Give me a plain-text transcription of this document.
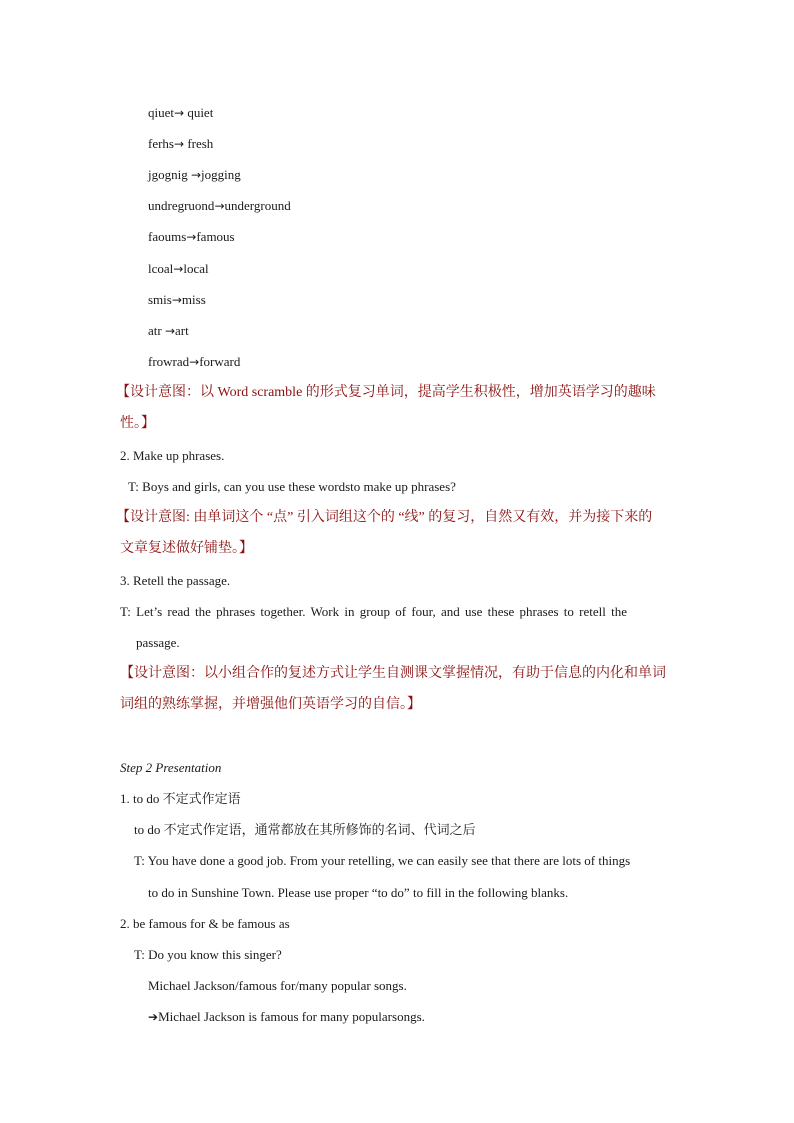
qiuet→ quiet
ferhs→ fresh
jgognig →jogging
undregruond→underground
faoums→famous
lcoal→local
smis→miss
atr →art
frowrad→forward
【设计意图：以 Word scramble 的形式复习单词，提高学生积极性，增加英语学习的趣味
性。】
2. Make up phrases.
T: Boys and girls, can you use these wordsto make up phrases?
【设计意图: 由单词这个 “点” 引入词组这个的 “线” 的复习，自然又有效，并为接下来的
文章复述做好铺垫。】
3. Retell the passage.
T: Let’s read the phrases together. Work in group of four, and use these phrases to retell the
passage.
【设计意图：以小组合作的复述方式让学生自测课文掌握情况，有助于信息的内化和单词
词组的熟练掌握，并增强他们英语学习的自信。】
Step 2 Presentation
1. to do 不定式作定语
to do 不定式作定语，通常都放在其所修饰的名词、代词之后
T: You have done a good job. From your retelling, we can easily see that there are lots of things
to do in Sunshine Town. Please use proper “to do” to fill in the following blanks.
2. be famous for & be famous as
T: Do you know this singer?
Michael Jackson/famous for/many popular songs.
➔Michael Jackson is famous for many popularsongs.
